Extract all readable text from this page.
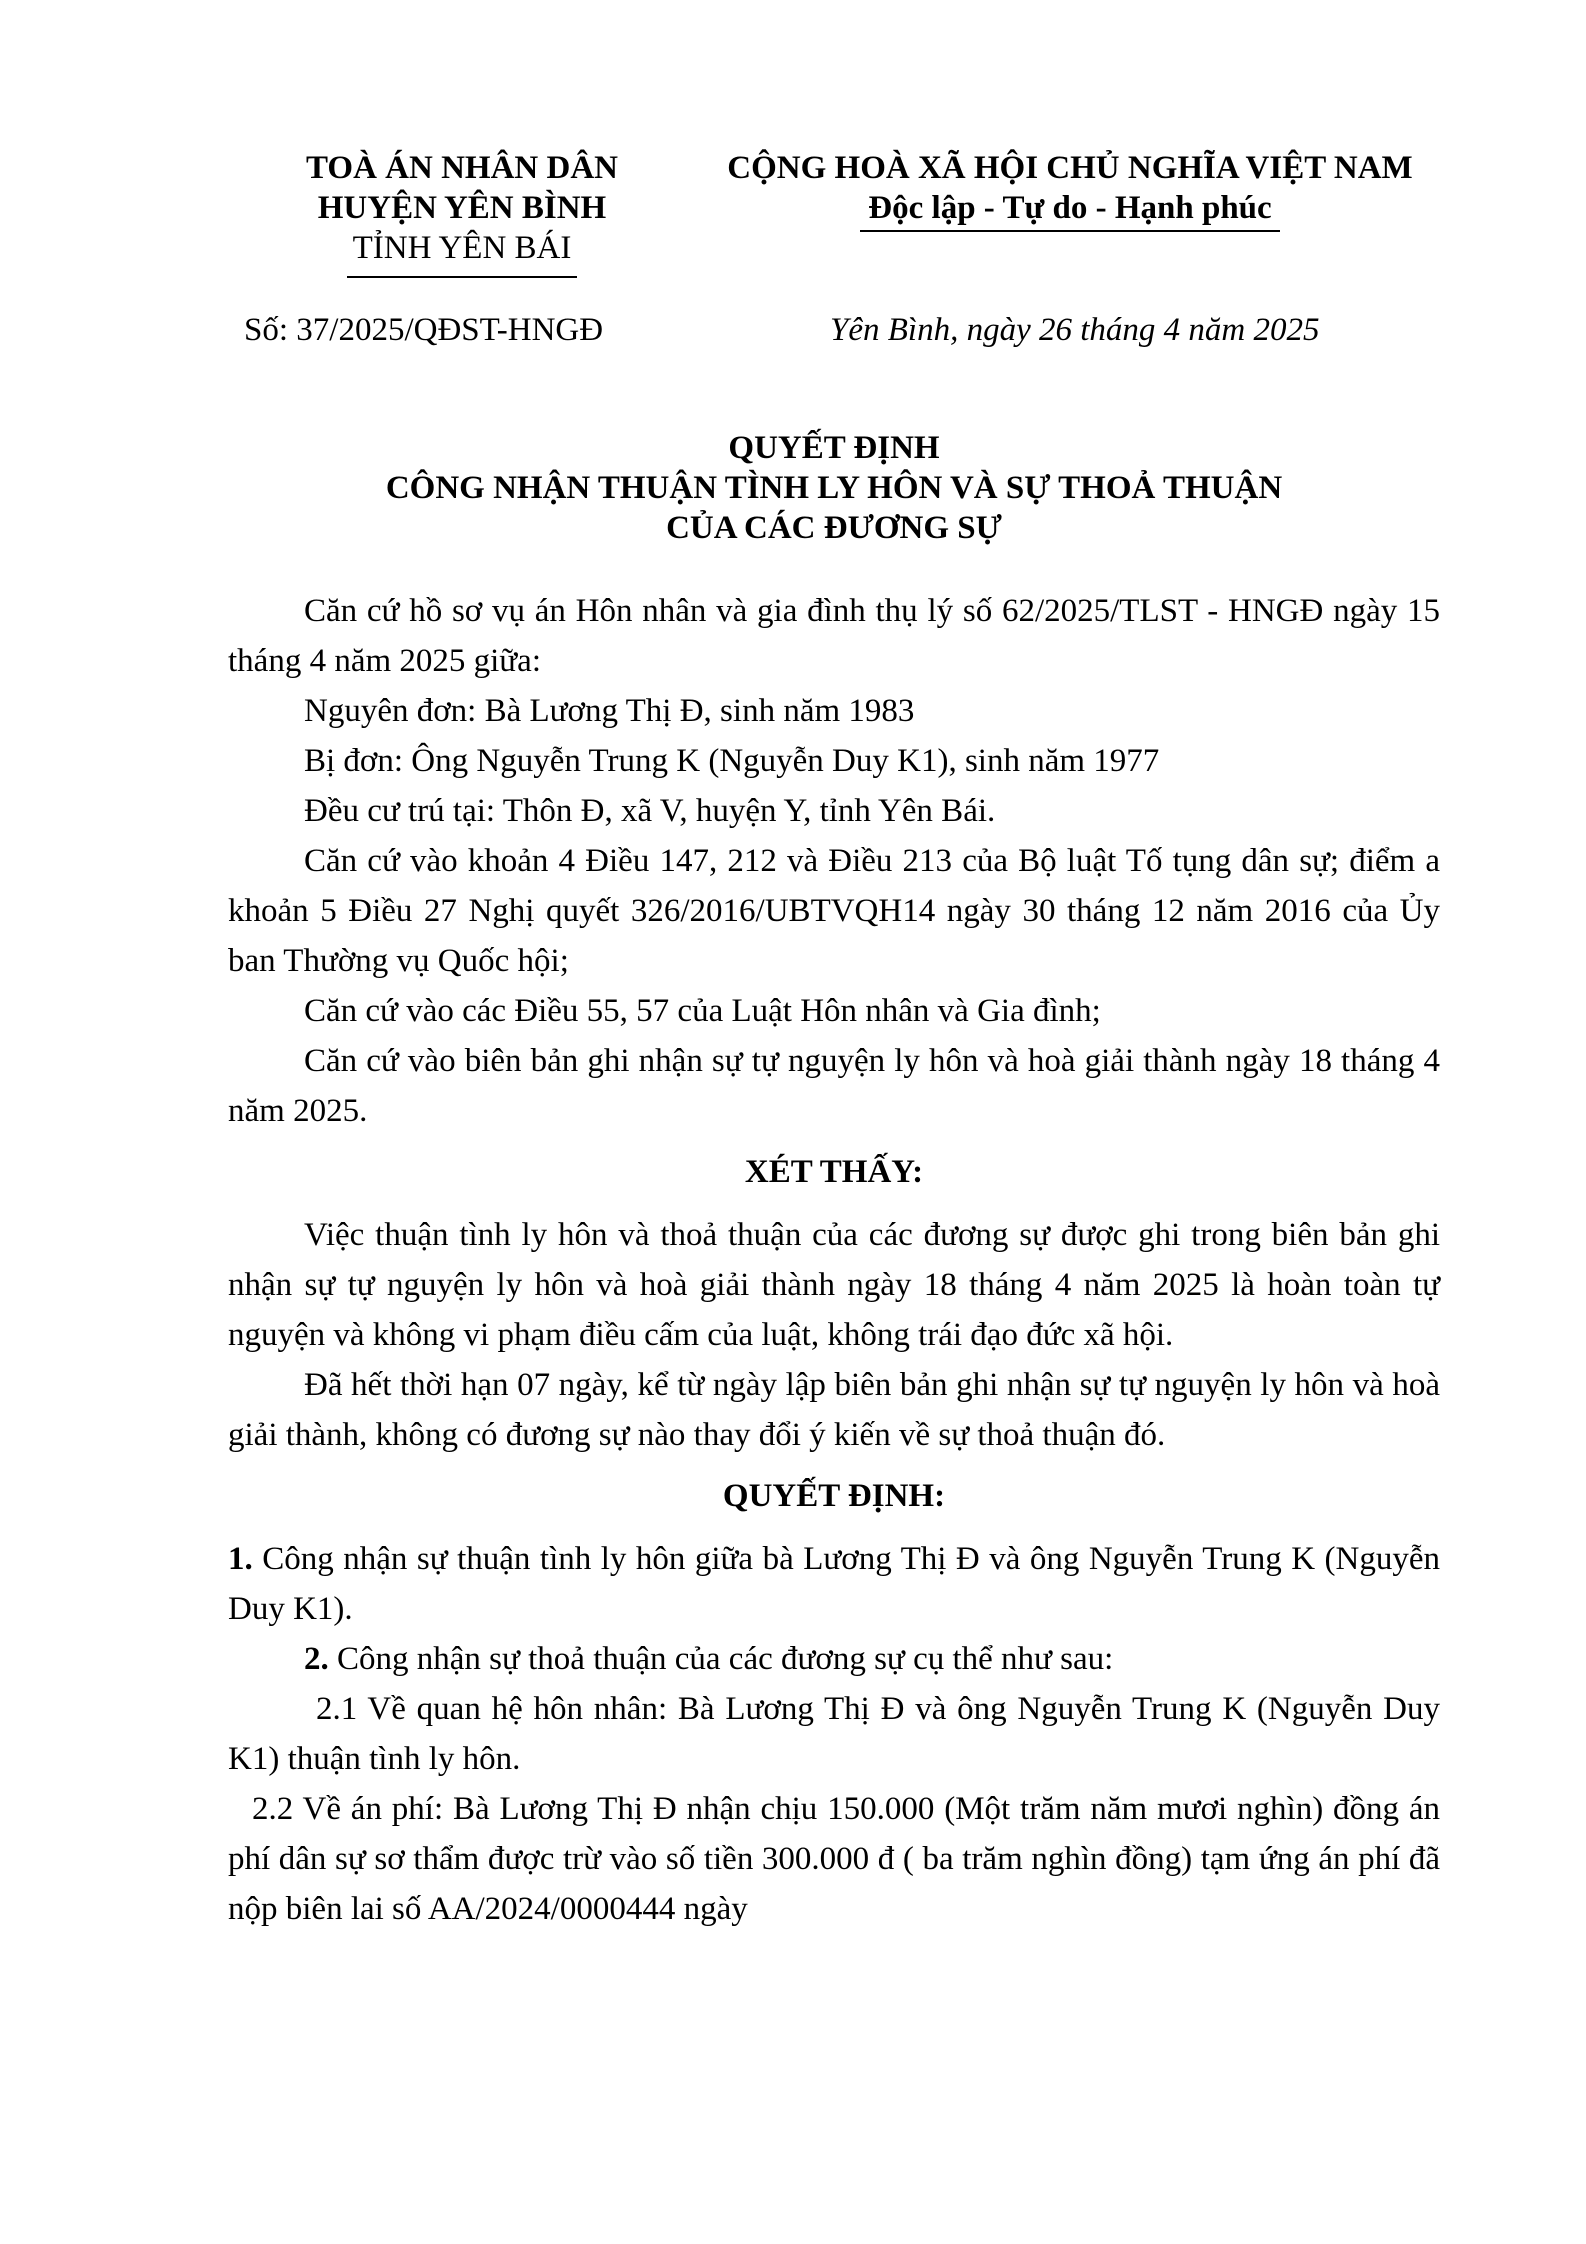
TOÀ ÁN NHÂN DÂN
HUYỆN YÊN BÌNH
TỈNH YÊN BÁI
CỘNG HOÀ XÃ HỘI CHỦ NGHĨA VIỆT NAM
Độc lập - Tự do - Hạnh phúc
Số: 37/2025/QĐST-HNGĐ	Yên Bình, ngày 26 tháng 4 năm 2025
QUYẾT ĐỊNH
CÔNG NHẬN THUẬN TÌNH LY HÔN VÀ SỰ THOẢ THUẬN
CỦA CÁC ĐƯƠNG SỰ

Căn cứ hồ sơ vụ án Hôn nhân và gia đình thụ lý số 62/2025/TLST - HNGĐ ngày 15 tháng 4 năm 2025 giữa:

Nguyên đơn: Bà Lương Thị Đ, sinh năm 1983

Bị đơn: Ông Nguyễn Trung K (Nguyễn Duy K1), sinh năm 1977

Đều cư trú tại: Thôn Đ, xã V, huyện Y, tỉnh Yên Bái.

Căn cứ vào khoản 4 Điều 147, 212 và Điều 213 của Bộ luật Tố tụng dân sự; điểm a khoản 5 Điều 27 Nghị quyết 326/2016/UBTVQH14 ngày 30 tháng 12 năm 2016 của Ủy ban Thường vụ Quốc hội;

Căn cứ vào các Điều 55, 57 của Luật Hôn nhân và Gia đình;

Căn cứ vào biên bản ghi nhận sự tự nguyện ly hôn và hoà giải thành ngày 18 tháng 4 năm 2025.

XÉT THẤY:

Việc thuận tình ly hôn và thoả thuận của các đương sự được ghi trong biên bản ghi nhận sự tự nguyện ly hôn và hoà giải thành ngày 18 tháng 4 năm 2025 là hoàn toàn tự nguyện và không vi phạm điều cấm của luật, không trái đạo đức xã hội.

Đã hết thời hạn 07 ngày, kể từ ngày lập biên bản ghi nhận sự tự nguyện ly hôn và hoà giải thành, không có đương sự nào thay đổi ý kiến về sự thoả thuận đó.

QUYẾT ĐỊNH:

1. Công nhận sự thuận tình ly hôn giữa bà Lương Thị Đ và ông Nguyễn Trung K (Nguyễn Duy K1).

2. Công nhận sự thoả thuận của các đương sự cụ thể như sau:

2.1 Về quan hệ hôn nhân: Bà Lương Thị Đ và ông Nguyễn Trung K (Nguyễn Duy K1) thuận tình ly hôn.

2.2 Về án phí: Bà Lương Thị Đ nhận chịu 150.000 (Một trăm năm mươi nghìn) đồng án phí dân sự sơ thẩm được trừ vào số tiền 300.000 đ ( ba trăm nghìn đồng) tạm ứng án phí đã nộp biên lai số AA/2024/0000444 ngày
